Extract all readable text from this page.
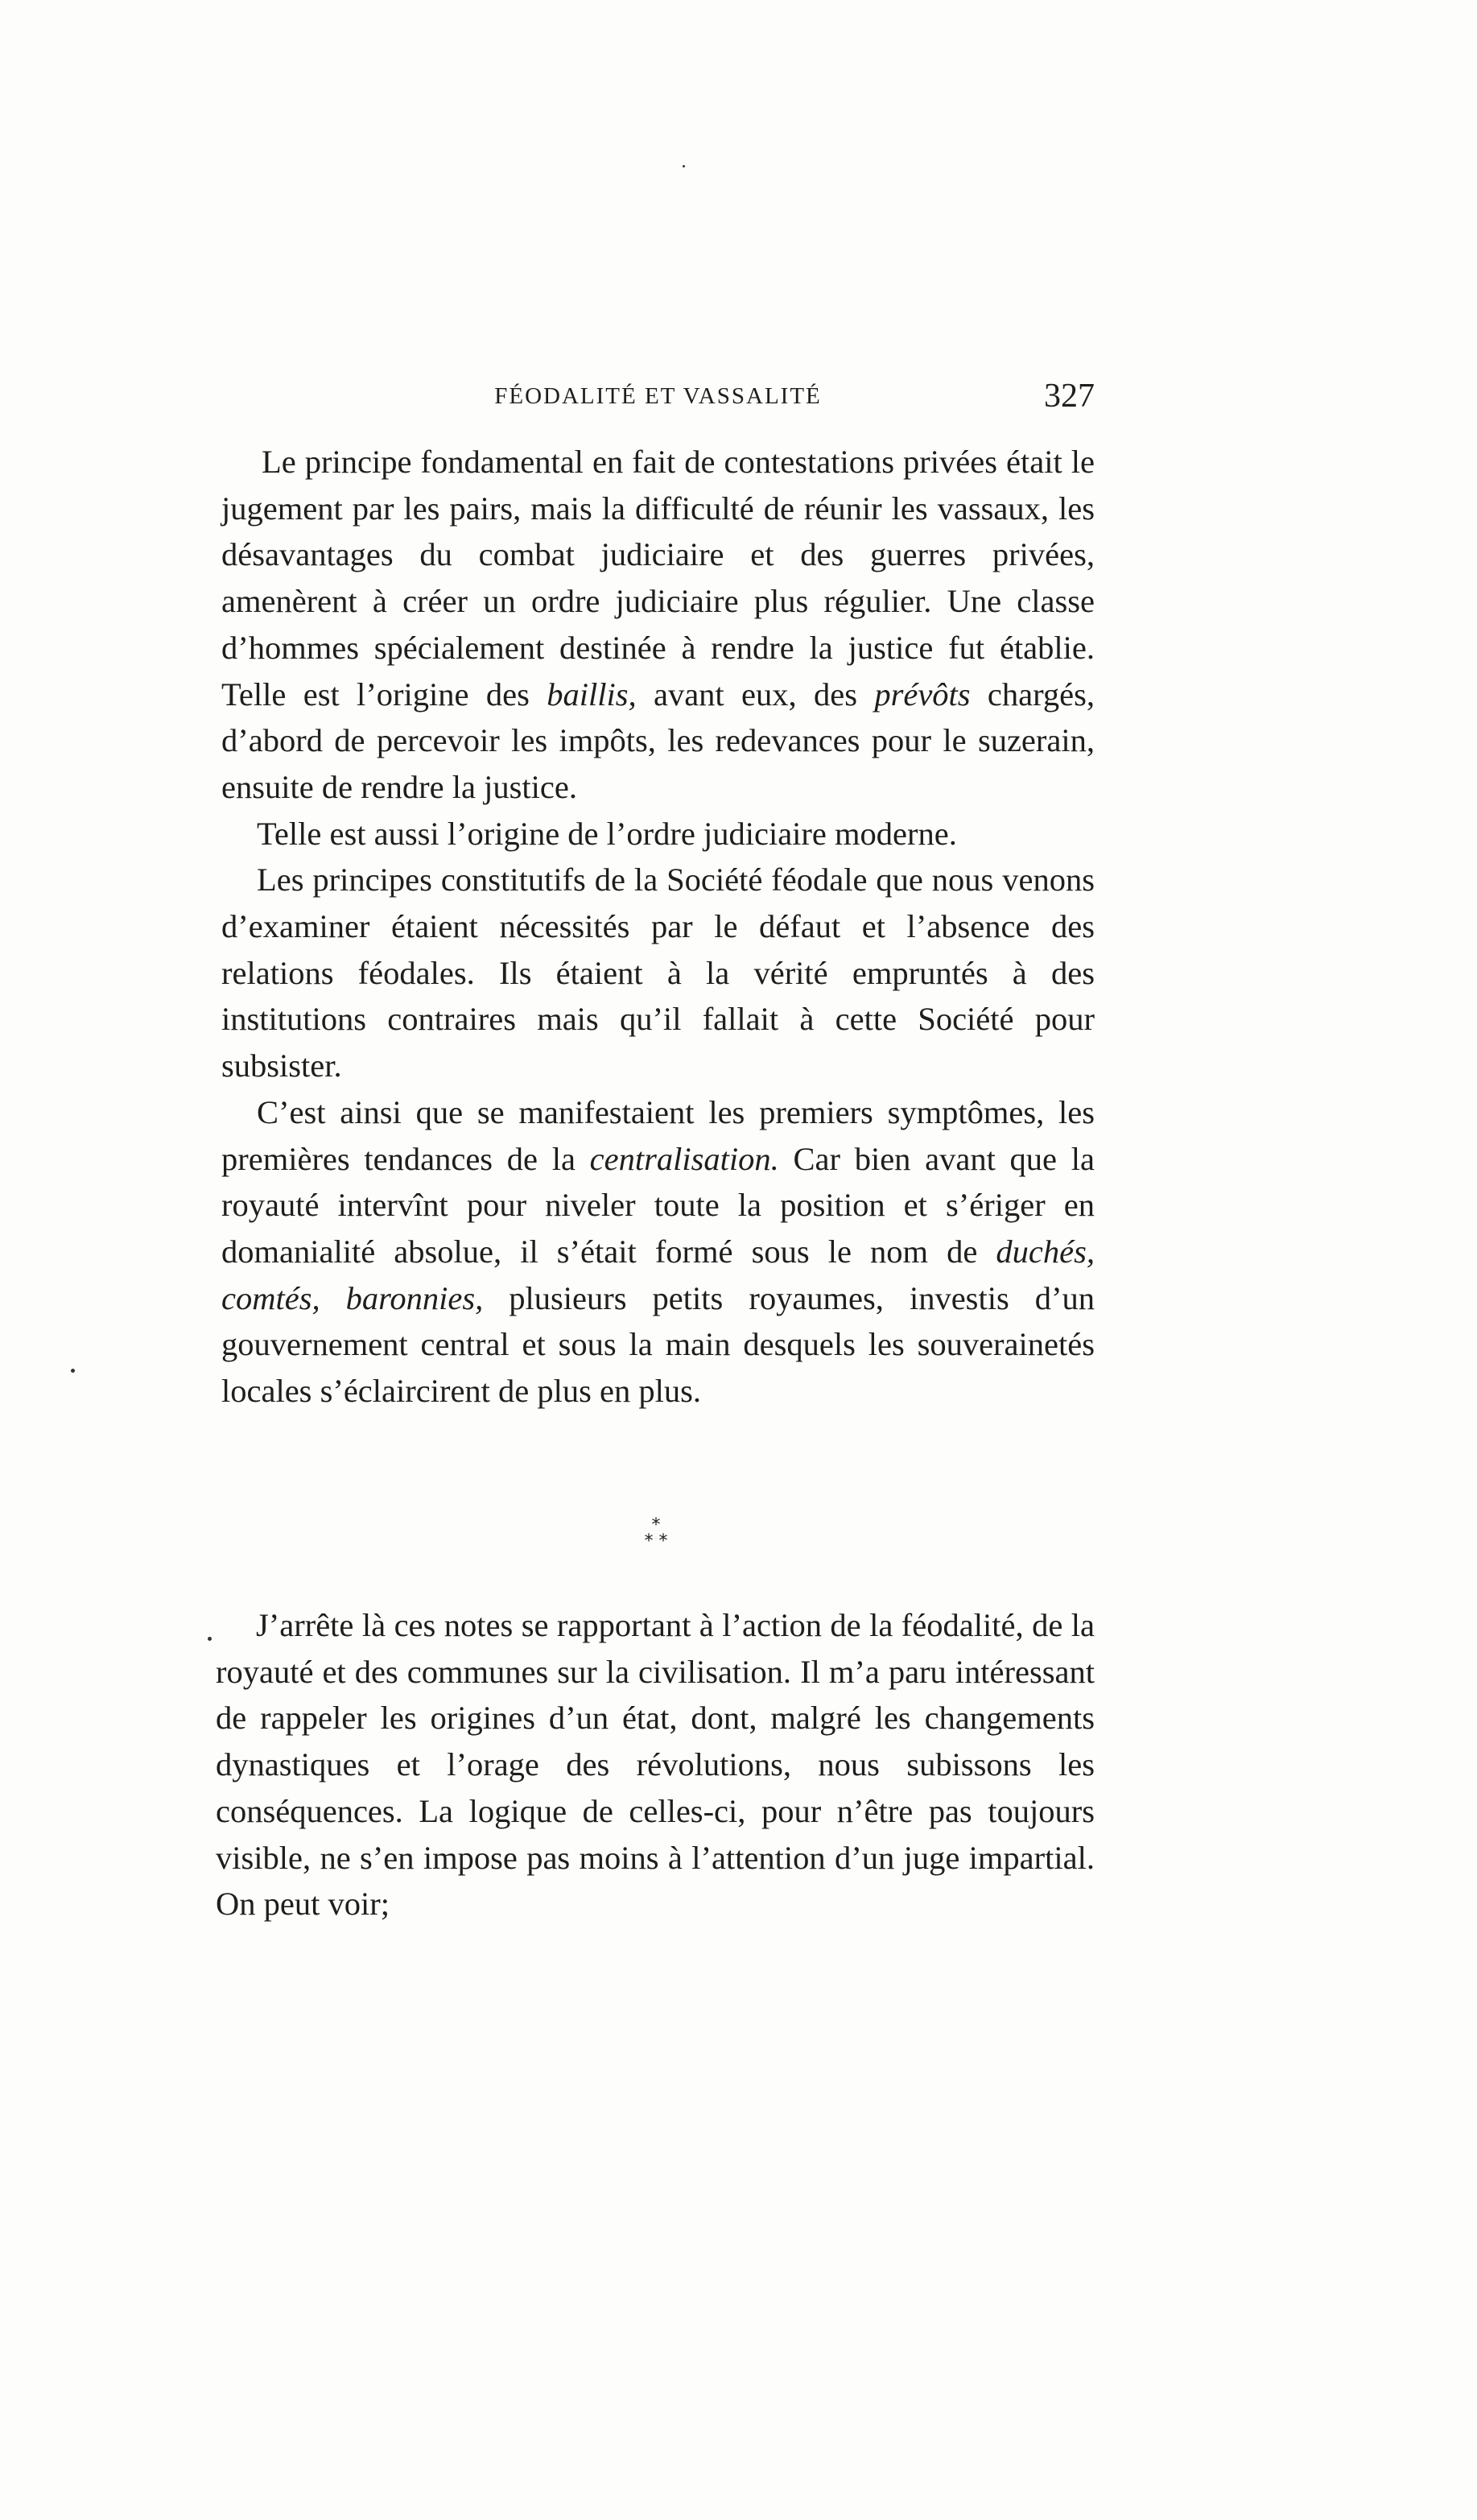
FÉODALITÉ ET VASSALITÉ	327

Le principe fondamental en fait de contestations privées était le jugement par les pairs, mais la difficulté de réunir les vassaux, les désavantages du combat judiciaire et des guerres privées, amenèrent à créer un ordre judiciaire plus régulier. Une classe d’hommes spécialement destinée à rendre la justice fut établie. Telle est l’origine des baillis, avant eux, des prévôts chargés, d’abord de percevoir les impôts, les redevances pour le suzerain, ensuite de rendre la justice.

Telle est aussi l’origine de l’ordre judiciaire moderne.

Les principes constitutifs de la Société féodale que nous venons d’examiner étaient nécessités par le défaut et l’absence des relations féodales. Ils étaient à la vérité empruntés à des institutions contraires mais qu’il fallait à cette Société pour subsister.

C’est ainsi que se manifestaient les premiers symptômes, les premières tendances de la centralisation. Car bien avant que la royauté intervînt pour niveler toute la position et s’ériger en domanialité absolue, il s’était formé sous le nom de duchés, comtés, baronnies, plusieurs petits royaumes, investis d’un gouvernement central et sous la main desquels les souverainetés locales s’éclaircirent de plus en plus.

*
* *

J’arrête là ces notes se rapportant à l’action de la féodalité, de la royauté et des communes sur la civilisation. Il m’a paru intéressant de rappeler les origines d’un état, dont, malgré les changements dynastiques et l’orage des révolutions, nous subissons les conséquences. La logique de celles-ci, pour n’être pas toujours visible, ne s’en impose pas moins à l’attention d’un juge impartial. On peut voir;
